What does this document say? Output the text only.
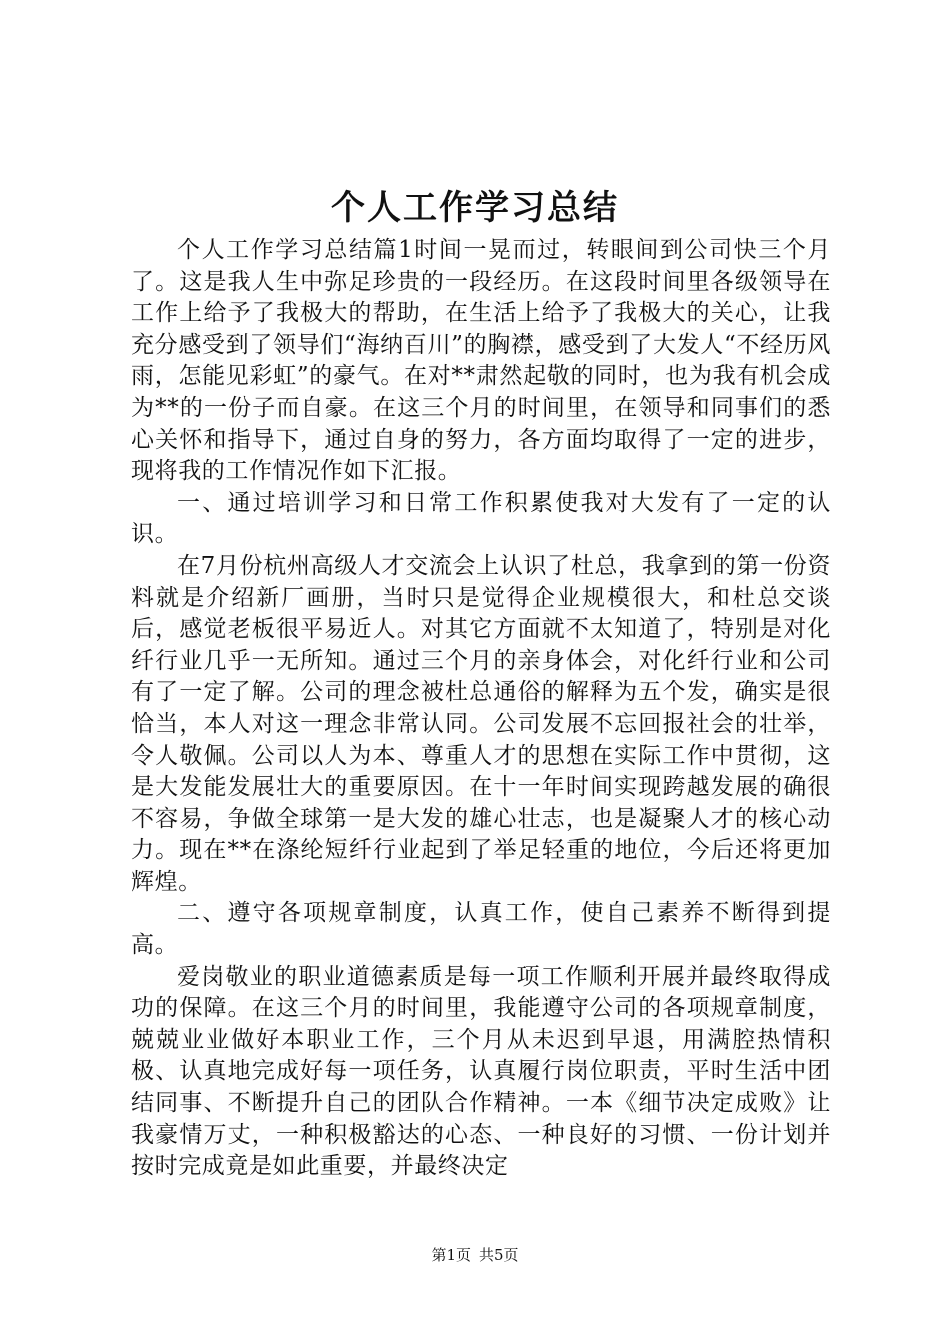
个人工作学习总结

个人工作学习总结篇1时间一晃而过，转眼间到公司快三个月了。这是我人生中弥足珍贵的一段经历。在这段时间里各级领导在工作上给予了我极大的帮助，在生活上给予了我极大的关心，让我充分感受到了领导们“海纳百川”的胸襟，感受到了大发人“不经历风雨，怎能见彩虹”的豪气。在对**肃然起敬的同时，也为我有机会成为**的一份子而自豪。在这三个月的时间里，在领导和同事们的悉心关怀和指导下，通过自身的努力，各方面均取得了一定的进步，现将我的工作情况作如下汇报。

一、通过培训学习和日常工作积累使我对大发有了一定的认识。

在7月份杭州高级人才交流会上认识了杜总，我拿到的第一份资料就是介绍新厂画册，当时只是觉得企业规模很大，和杜总交谈后，感觉老板很平易近人。对其它方面就不太知道了，特别是对化纤行业几乎一无所知。通过三个月的亲身体会，对化纤行业和公司有了一定了解。公司的理念被杜总通俗的解释为五个发，确实是很恰当，本人对这一理念非常认同。公司发展不忘回报社会的壮举，令人敬佩。公司以人为本、尊重人才的思想在实际工作中贯彻，这是大发能发展壮大的重要原因。在十一年时间实现跨越发展的确很不容易，争做全球第一是大发的雄心壮志，也是凝聚人才的核心动力。现在**在涤纶短纤行业起到了举足轻重的地位，今后还将更加辉煌。

二、遵守各项规章制度，认真工作，使自己素养不断得到提高。

爱岗敬业的职业道德素质是每一项工作顺利开展并最终取得成功的保障。在这三个月的时间里，我能遵守公司的各项规章制度，兢兢业业做好本职业工作，三个月从未迟到早退，用满腔热情积极、认真地完成好每一项任务，认真履行岗位职责，平时生活中团结同事、不断提升自己的团队合作精神。一本《细节决定成败》让我豪情万丈，一种积极豁达的心态、一种良好的习惯、一份计划并按时完成竟是如此重要，并最终决定

第1页 共5页
